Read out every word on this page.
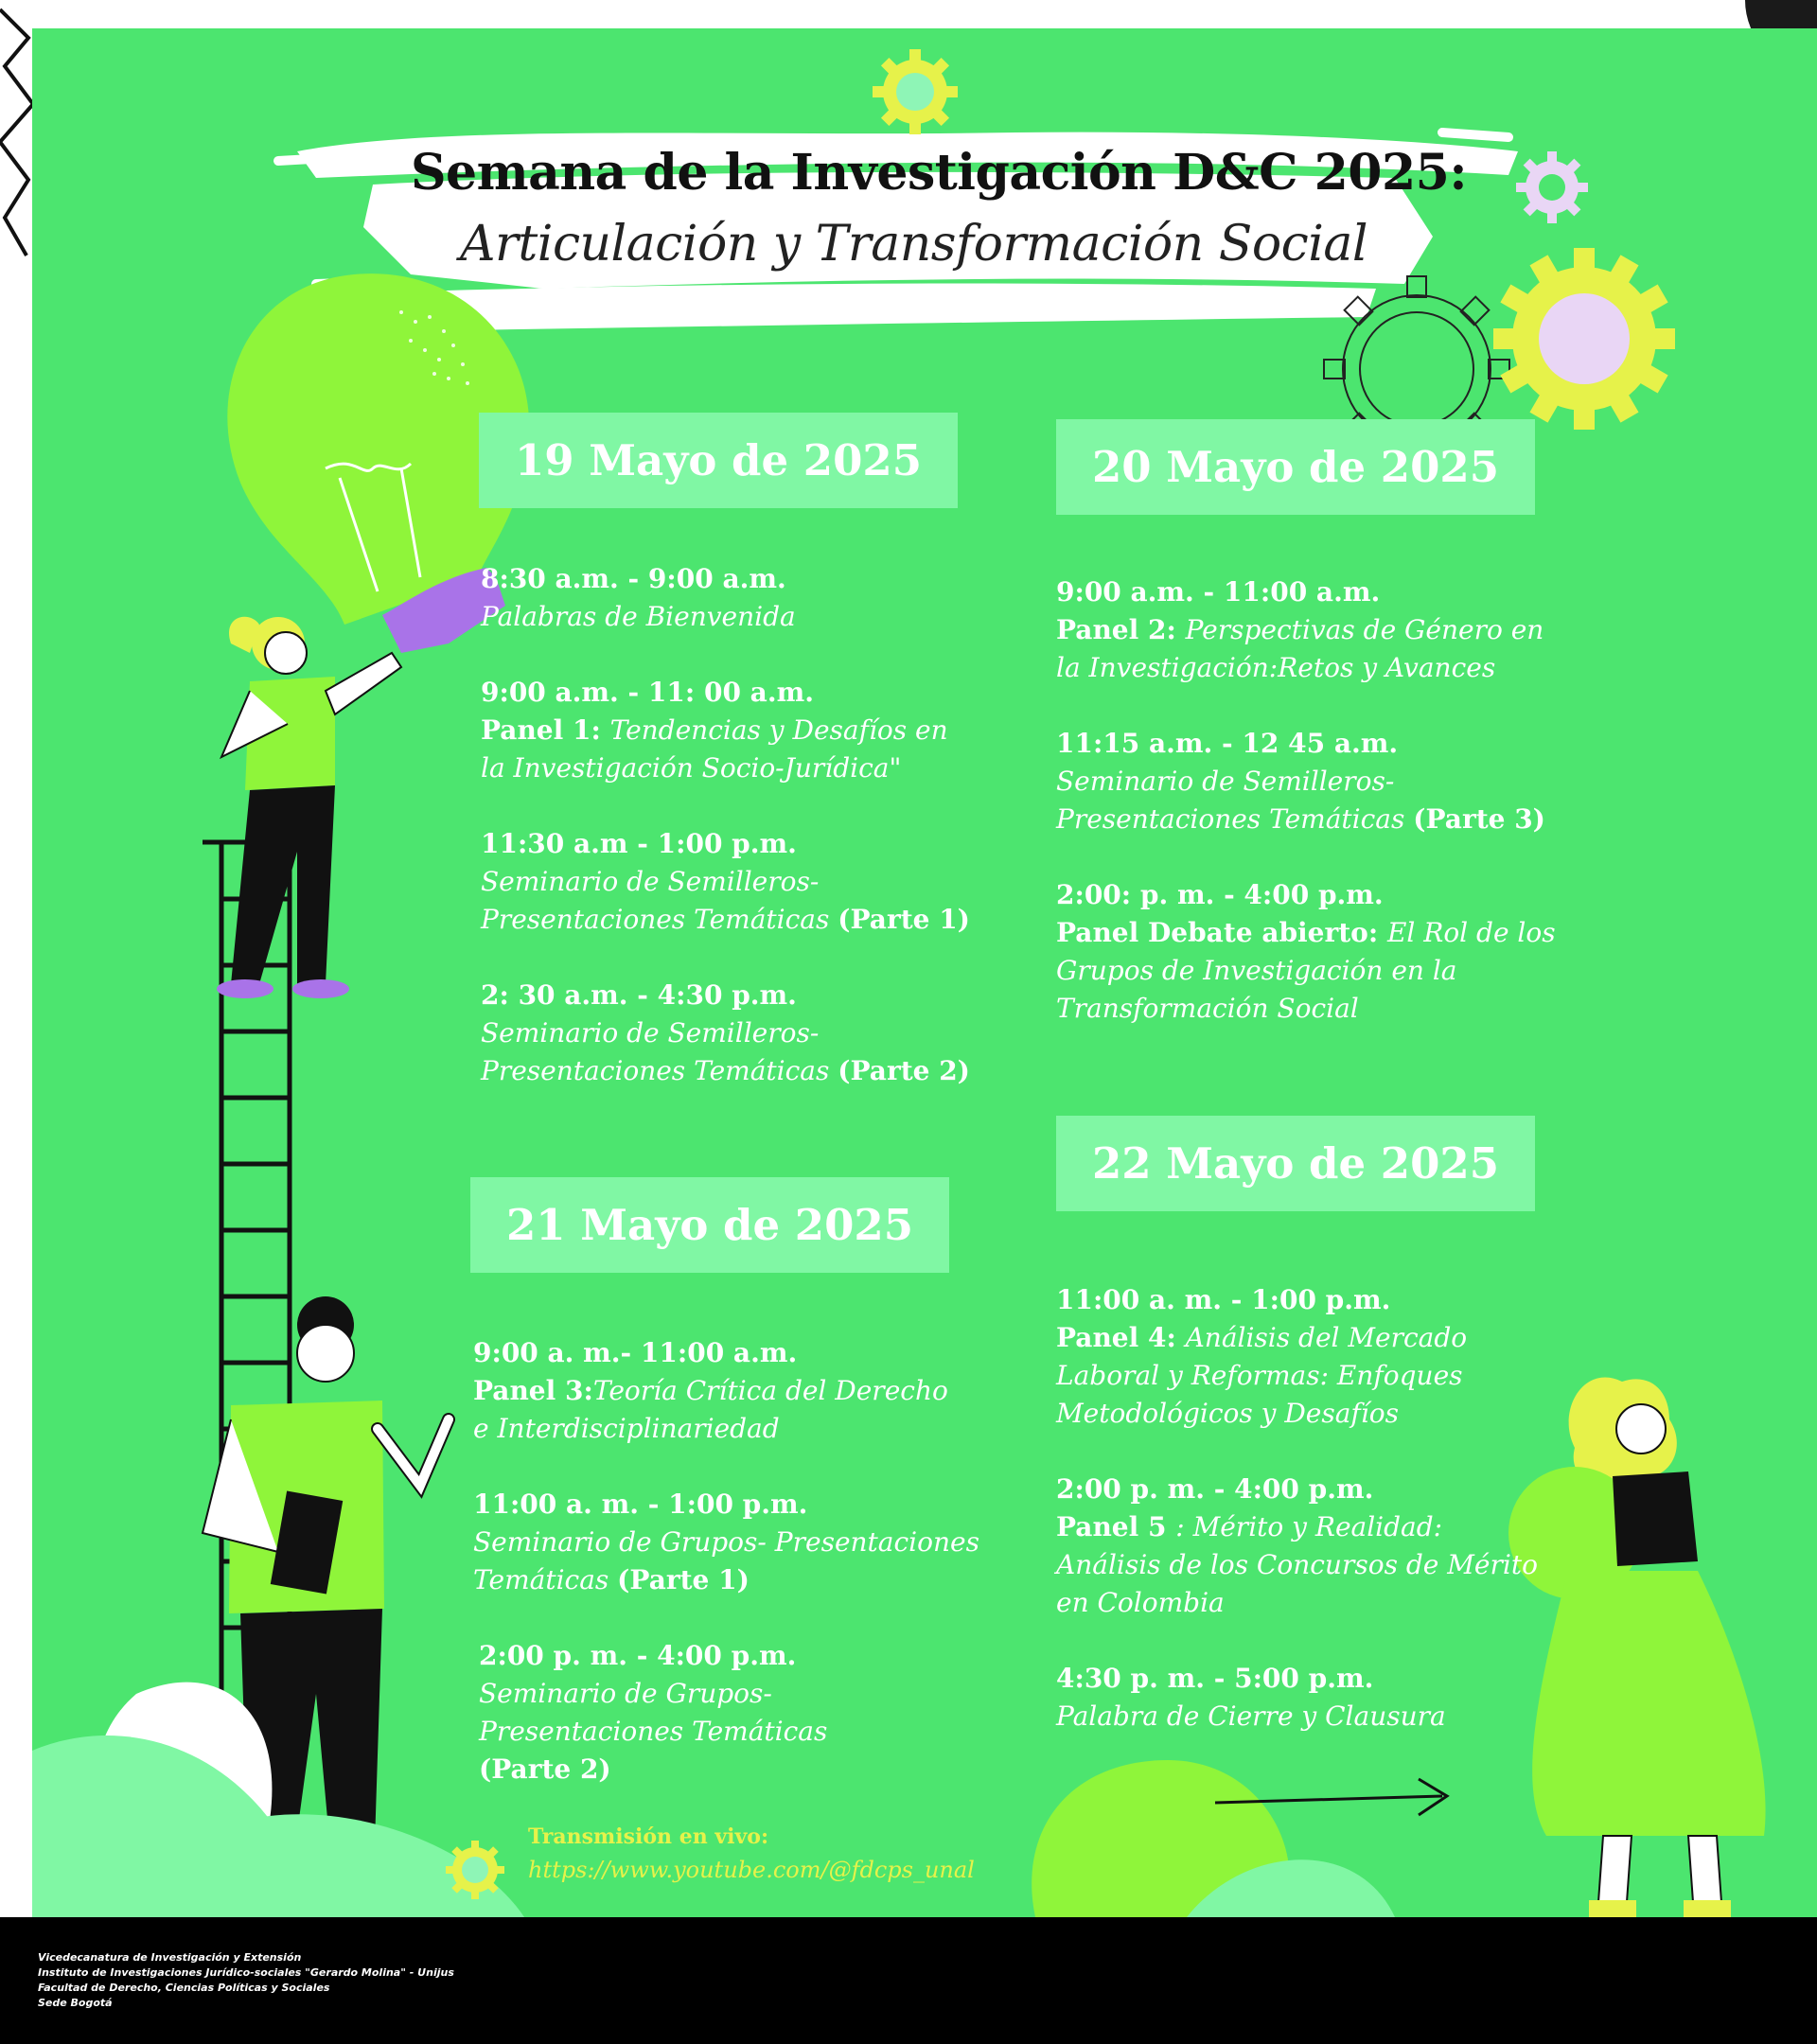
Semana de la Investigación D&C 2025:
Articulación y Transformación Social
19 Mayo de 2025	20 Mayo de 2025
21 Mayo de 2025
22 Mayo de 2025
8:30 a.m. - 9:00 a.m.
Palabras de Bienvenida
9:00 a.m. - 11: 00 a.m.
Panel 1: Tendencias y Desafíos en
la Investigación Socio-Jurídica"
11:30 a.m - 1:00 p.m.
Seminario de Semilleros-
Presentaciones Temáticas (Parte 1)
2: 30 a.m. - 4:30 p.m.
Seminario de Semilleros-
Presentaciones Temáticas (Parte 2)
9:00 a.m. - 11:00 a.m.
Panel 2: Perspectivas de Género en
la Investigación:Retos y Avances
11:15 a.m. - 12 45 a.m.
Seminario de Semilleros-
Presentaciones Temáticas (Parte 3)
2:00: p. m. - 4:00 p.m.
Panel Debate abierto: El Rol de los
Grupos de Investigación en la
Transformación Social
9:00 a. m.- 11:00 a.m.
Panel 3:Teoría Crítica del Derecho
e Interdisciplinariedad
11:00 a. m. - 1:00 p.m.
Seminario de Grupos- Presentaciones
Temáticas (Parte 1)
2:00 p. m. - 4:00 p.m.
Seminario de Grupos-
Presentaciones Temáticas
(Parte 2)
11:00 a. m. - 1:00 p.m.
Panel 4: Análisis del Mercado
Laboral y Reformas: Enfoques
Metodológicos y Desafíos
2:00 p. m. - 4:00 p.m.
Panel 5 : Mérito y Realidad:
Análisis de los Concursos de Mérito
en Colombia
4:30 p. m. - 5:00 p.m.
Palabra de Cierre y Clausura
Transmisión en vivo:
https://www.youtube.com/@fdcps_unal
Vicedecanatura de Investigación y Extensión
Instituto de Investigaciones Jurídico-sociales "Gerardo Molina" - Unijus
Facultad de Derecho, Ciencias Políticas y Sociales
Sede Bogotá
